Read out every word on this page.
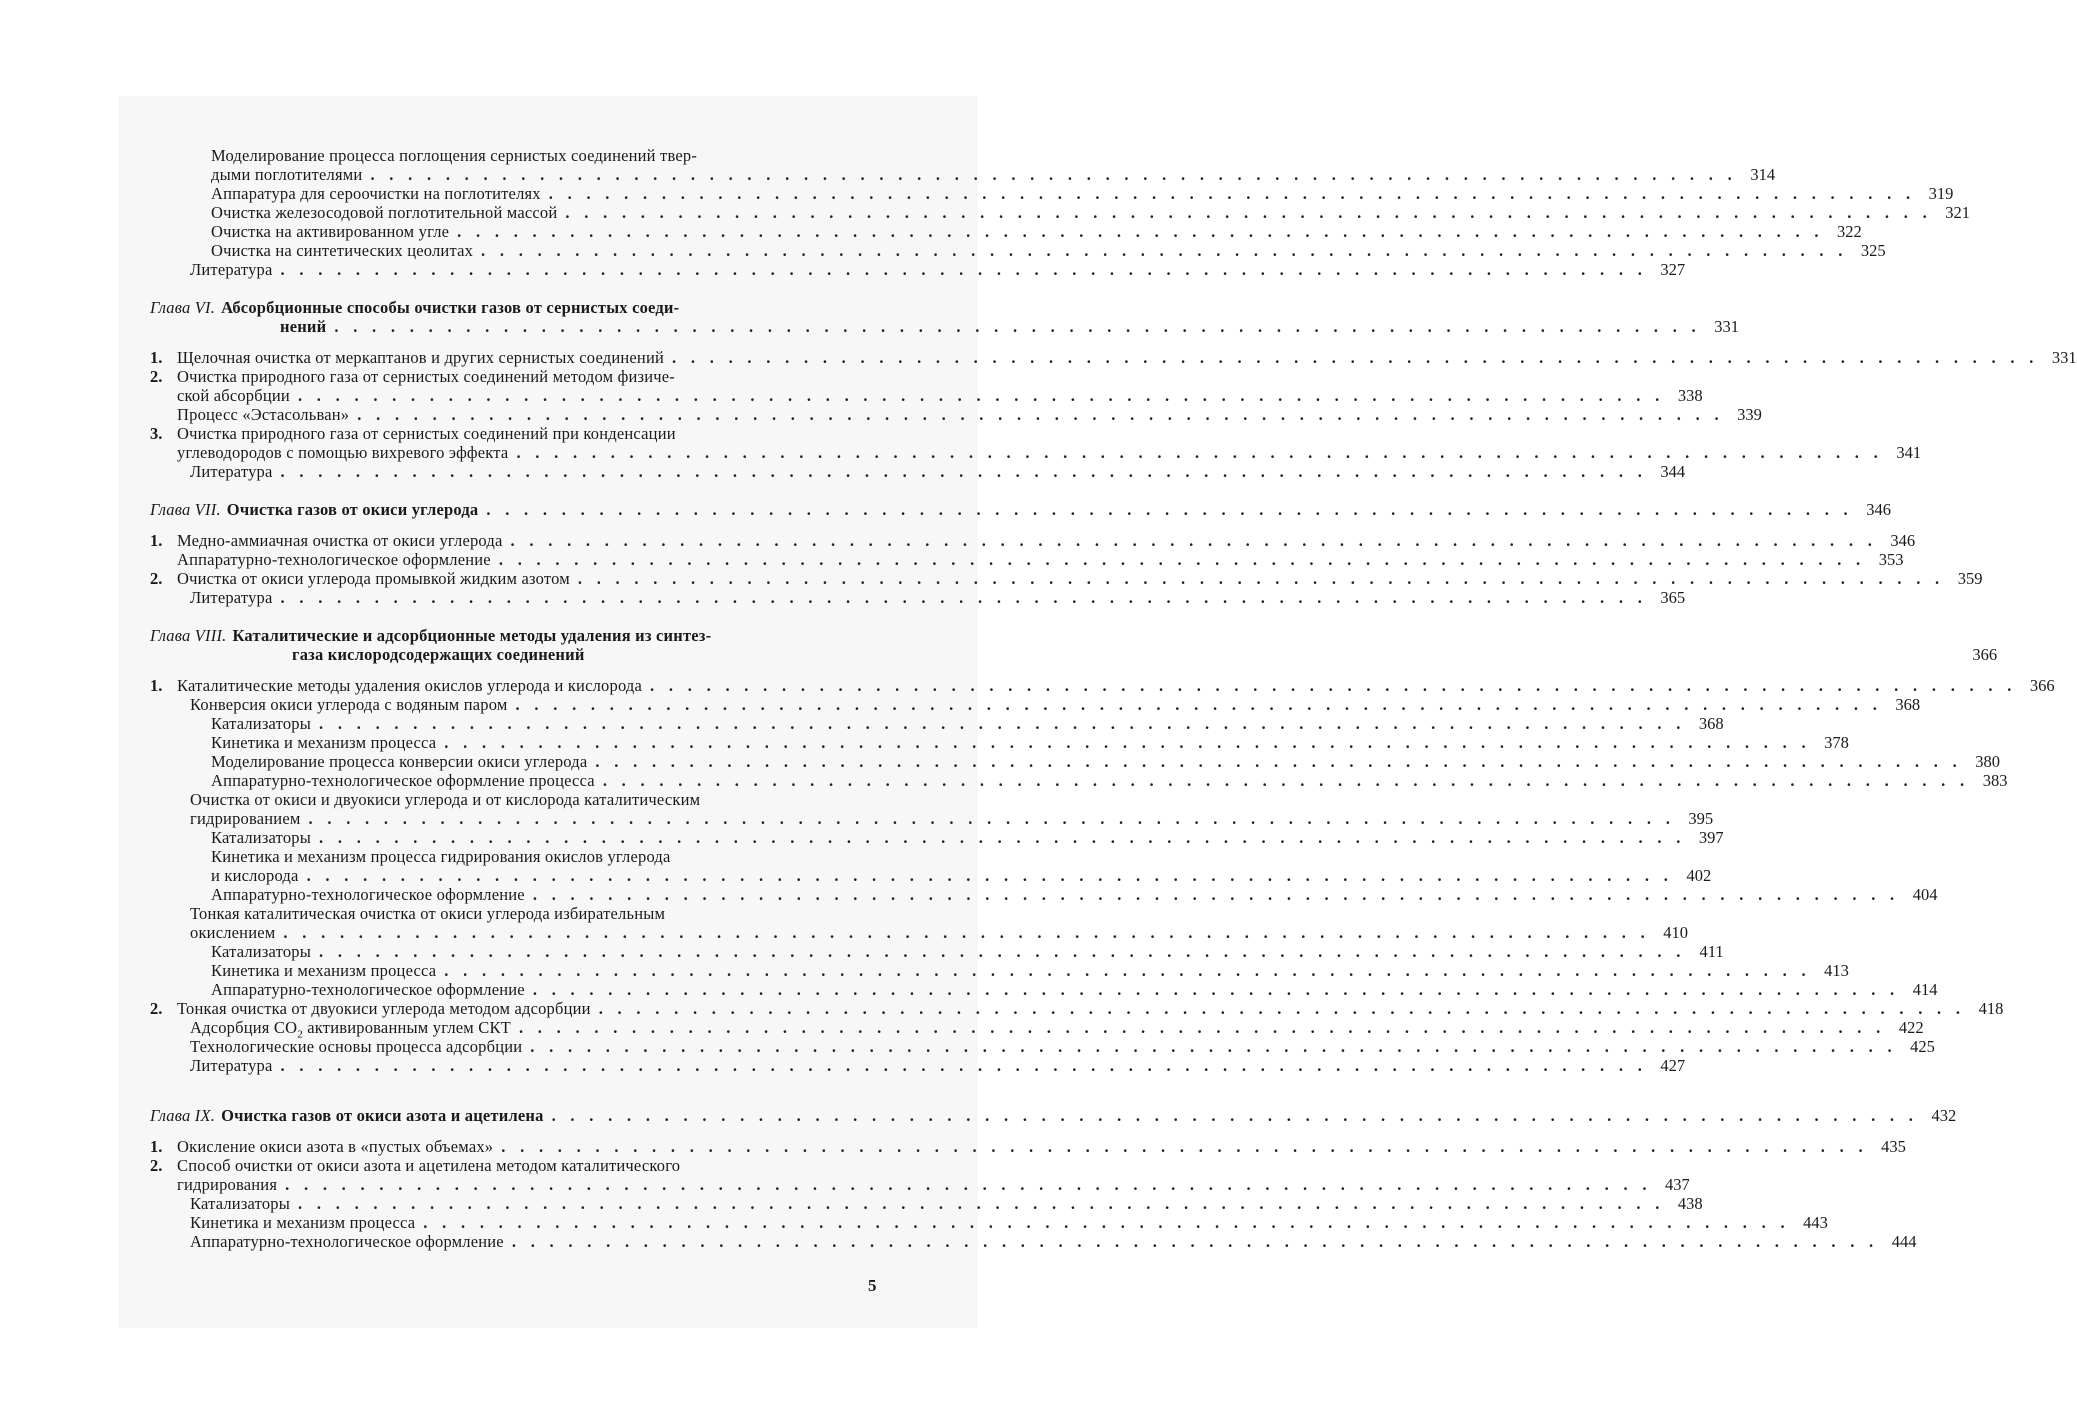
Моделирование процесса поглощения сернистых соединений твер-
дыми поглотителями . . .	314
Аппаратура для сероочистки на поглотителях . . .	319
Очистка железосодовой поглотительной массой . . .	321
Очистка на активированном угле . . .	322
Очистка на синтетических цеолитах . . .	325
Литература . . .	327
Глава VI. Абсорбционные способы очистки газов от сернистых соеди-
нений . . .	331
1. Щелочная очистка от меркаптанов и других сернистых соединений . . .	331
2. Очистка природного газа от сернистых соединений методом физиче-
ской абсорбции . . .	338
Процесс «Эстасольван» . . .	339
3. Очистка природного газа от сернистых соединений при конденсации
углеводородов с помощью вихревого эффекта . . .	341
Литература . . .	344
Глава VII. Очистка газов от окиси углерода . . .	346
1. Медно-аммиачная очистка от окиси углерода . . .	346
Аппаратурно-технологическое оформление . . .	353
2. Очистка от окиси углерода промывкой жидким азотом . . .	359
Литература . . .	365
Глава VIII. Каталитические и адсорбционные методы удаления из синтез-
газа кислородсодержащих соединений	366
1. Каталитические методы удаления окислов углерода и кислорода . . .	366
Конверсия окиси углерода с водяным паром . . .	368
Катализаторы . . .	368
Кинетика и механизм процесса . . .	378
Моделирование процесса конверсии окиси углерода . . .	380
Аппаратурно-технологическое оформление процесса . . .	383
Очистка от окиси и двуокиси углерода и от кислорода каталитическим
гидрированием . . .	395
Катализаторы . . .	397
Кинетика и механизм процесса гидрирования окислов углерода
и кислорода . . .	402
Аппаратурно-технологическое оформление . . .	404
Тонкая каталитическая очистка от окиси углерода избирательным
окислением . . .	410
Катализаторы . . .	411
Кинетика и механизм процесса . . .	413
Аппаратурно-технологическое оформление . . .	414
2. Тонкая очистка от двуокиси углерода методом адсорбции . . .	418
Адсорбция $CO_2$ активированным углем СКТ . . .	422
Технологические основы процесса адсорбции . . .	425
Литература . . .	427
Глава IX. Очистка газов от окиси азота и ацетилена . . .	432
1. Окисление окиси азота в «пустых объемах» . . .	435
2. Способ очистки от окиси азота и ацетилена методом каталитического
гидрирования . . .	437
Катализаторы . . .	438
Кинетика и механизм процесса . . .	443
Аппаратурно-технологическое оформление . . .	444
5
